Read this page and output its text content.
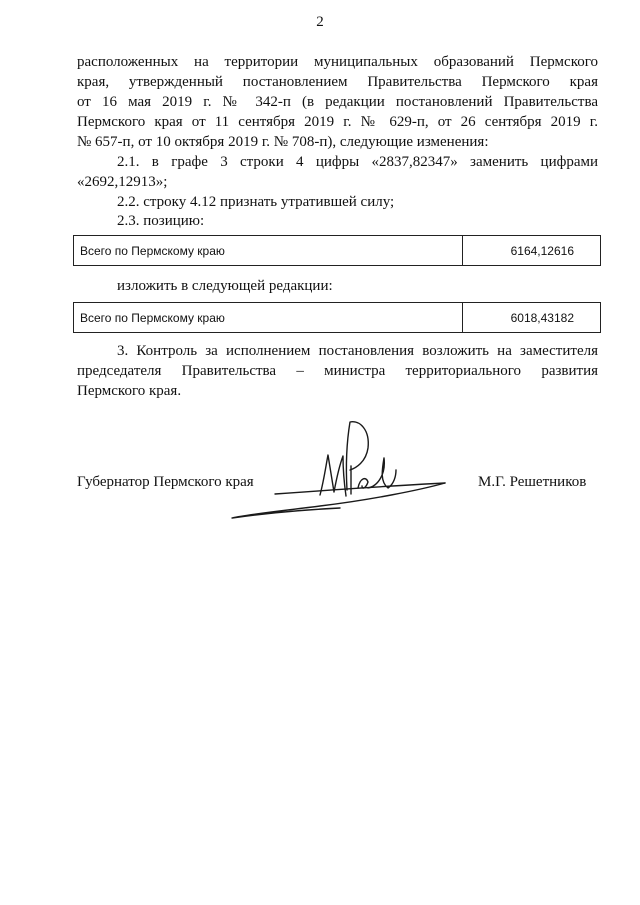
2

расположенных на территории муниципальных образований Пермского
края, утвержденный постановлением Правительства Пермского края
от 16 мая 2019 г. № 342-п (в редакции постановлений Правительства
Пермского края от 11 сентября 2019 г. № 629-п, от 26 сентября 2019 г.
№ 657-п, от 10 октября 2019 г. № 708-п), следующие изменения:

2.1. в графе 3 строки 4 цифры «2837,82347» заменить цифрами

«2692,12913»;

2.2. строку 4.12 признать утратившей силу;

2.3. позицию:

Всего по Пермскому краю	6164,12616

изложить в следующей редакции:

Всего по Пермскому краю	6018,43182

3. Контроль за исполнением постановления возложить на заместителя

председателя Правительства – министра территориального развития

Пермского края.

Губернатор Пермского края	М.Г. Решетников
